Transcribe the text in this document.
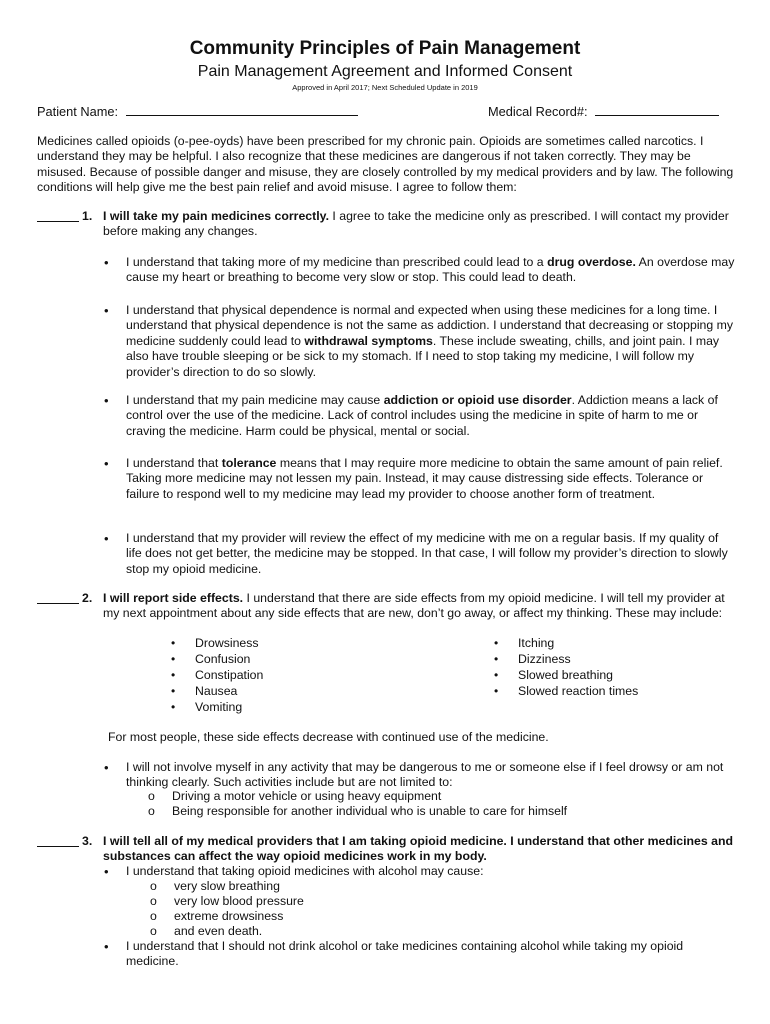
Community Principles of Pain Management
Pain Management Agreement and Informed Consent
Approved in April 2017; Next Scheduled Update in 2019
Patient Name:	Medical Record#:
Medicines called opioids (o-pee-oyds) have been prescribed for my chronic pain. Opioids are sometimes called narcotics. I understand they may be helpful. I also recognize that these medicines are dangerous if not taken correctly. They may be misused. Because of possible danger and misuse, they are closely controlled by my medical providers and by law. The following conditions will help give me the best pain relief and avoid misuse. I agree to follow them:
1. I will take my pain medicines correctly. I agree to take the medicine only as prescribed. I will contact my provider before making any changes.
• I understand that taking more of my medicine than prescribed could lead to a drug overdose. An overdose may cause my heart or breathing to become very slow or stop. This could lead to death.
• I understand that physical dependence is normal and expected when using these medicines for a long time. I understand that physical dependence is not the same as addiction. I understand that decreasing or stopping my medicine suddenly could lead to withdrawal symptoms. These include sweating, chills, and joint pain. I may also have trouble sleeping or be sick to my stomach. If I need to stop taking my medicine, I will follow my provider’s direction to do so slowly.
• I understand that my pain medicine may cause addiction or opioid use disorder. Addiction means a lack of control over the use of the medicine. Lack of control includes using the medicine in spite of harm to me or craving the medicine. Harm could be physical, mental or social.
• I understand that tolerance means that I may require more medicine to obtain the same amount of pain relief. Taking more medicine may not lessen my pain. Instead, it may cause distressing side effects. Tolerance or failure to respond well to my medicine may lead my provider to choose another form of treatment.
• I understand that my provider will review the effect of my medicine with me on a regular basis. If my quality of life does not get better, the medicine may be stopped. In that case, I will follow my provider’s direction to slowly stop my opioid medicine.
2. I will report side effects. I understand that there are side effects from my opioid medicine. I will tell my provider at my next appointment about any side effects that are new, don’t go away, or affect my thinking. These may include:
• Drowsiness
• Confusion
• Constipation
• Nausea
• Vomiting
• Itching
• Dizziness
• Slowed breathing
• Slowed reaction times
For most people, these side effects decrease with continued use of the medicine.
• I will not involve myself in any activity that may be dangerous to me or someone else if I feel drowsy or am not thinking clearly. Such activities include but are not limited to:
o Driving a motor vehicle or using heavy equipment
o Being responsible for another individual who is unable to care for himself
3. I will tell all of my medical providers that I am taking opioid medicine. I understand that other medicines and substances can affect the way opioid medicines work in my body.
• I understand that taking opioid medicines with alcohol may cause:
o very slow breathing
o very low blood pressure
o extreme drowsiness
o and even death.
• I understand that I should not drink alcohol or take medicines containing alcohol while taking my opioid medicine.
